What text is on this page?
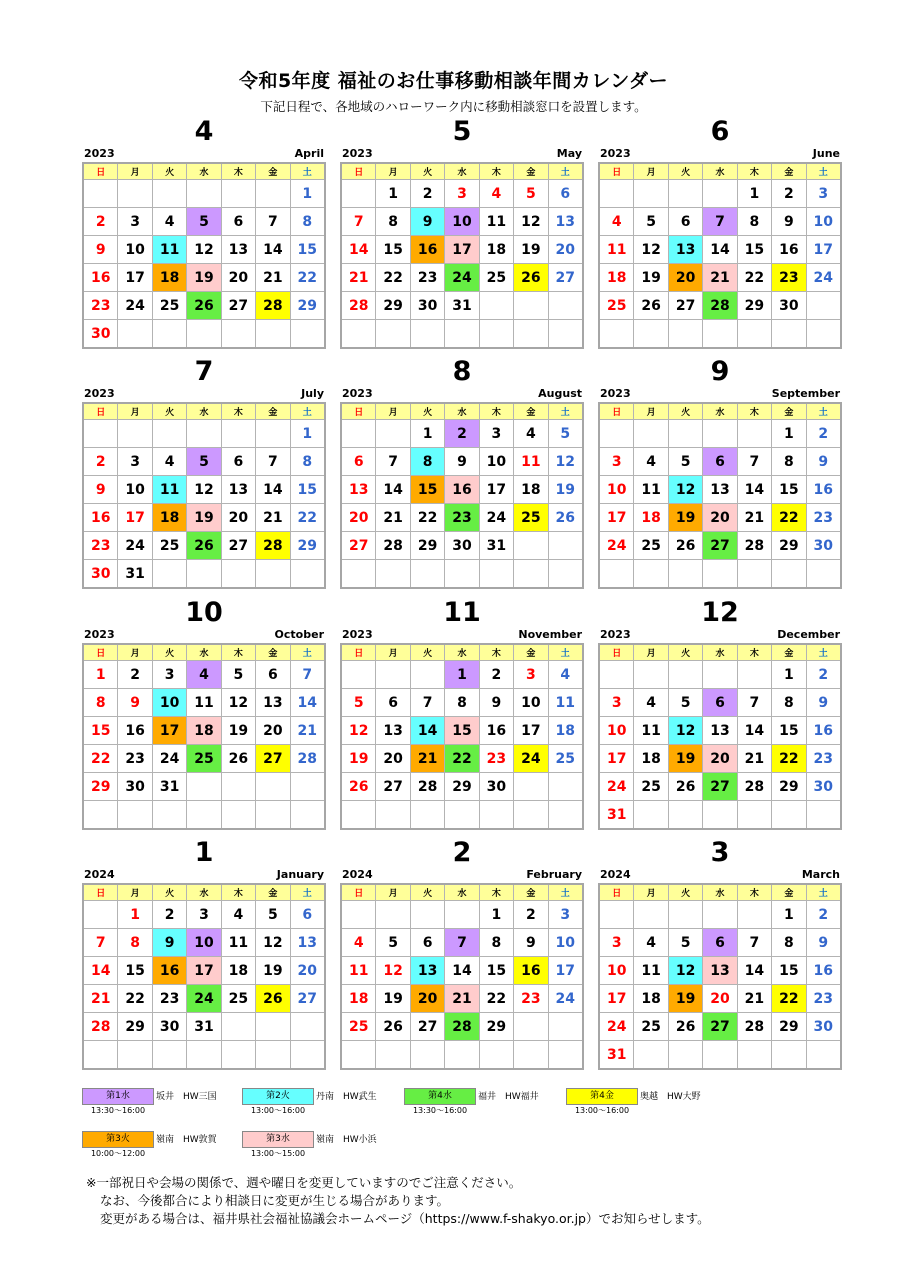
令和5年度 福祉のお仕事移動相談年間カレンダー
下記日程で、各地域のハローワーク内に移動相談窓口を設置します。
2023
4
April
日	月	火	水	木	金	土
						1
2	3	4	5	6	7	8
9	10	11	12	13	14	15
16	17	18	19	20	21	22
23	24	25	26	27	28	29
30						
2023
5
May
日	月	火	水	木	金	土
	1	2	3	4	5	6
7	8	9	10	11	12	13
14	15	16	17	18	19	20
21	22	23	24	25	26	27
28	29	30	31			

2023
6
June
日	月	火	水	木	金	土
				1	2	3
4	5	6	7	8	9	10
11	12	13	14	15	16	17
18	19	20	21	22	23	24
25	26	27	28	29	30	

2023
7
July
日	月	火	水	木	金	土
						1
2	3	4	5	6	7	8
9	10	11	12	13	14	15
16	17	18	19	20	21	22
23	24	25	26	27	28	29
30	31					
2023
8
August
日	月	火	水	木	金	土
		1	2	3	4	5
6	7	8	9	10	11	12
13	14	15	16	17	18	19
20	21	22	23	24	25	26
27	28	29	30	31		

2023
9
September
日	月	火	水	木	金	土
					1	2
3	4	5	6	7	8	9
10	11	12	13	14	15	16
17	18	19	20	21	22	23
24	25	26	27	28	29	30

2023
10
October
日	月	火	水	木	金	土
1	2	3	4	5	6	7
8	9	10	11	12	13	14
15	16	17	18	19	20	21
22	23	24	25	26	27	28
29	30	31				

2023
11
November
日	月	火	水	木	金	土
			1	2	3	4
5	6	7	8	9	10	11
12	13	14	15	16	17	18
19	20	21	22	23	24	25
26	27	28	29	30		

2023
12
December
日	月	火	水	木	金	土
					1	2
3	4	5	6	7	8	9
10	11	12	13	14	15	16
17	18	19	20	21	22	23
24	25	26	27	28	29	30
31						
2024
1
January
日	月	火	水	木	金	土
	1	2	3	4	5	6
7	8	9	10	11	12	13
14	15	16	17	18	19	20
21	22	23	24	25	26	27
28	29	30	31			

2024
2
February
日	月	火	水	木	金	土
				1	2	3
4	5	6	7	8	9	10
11	12	13	14	15	16	17
18	19	20	21	22	23	24
25	26	27	28	29		

2024
3
March
日	月	火	水	木	金	土
					1	2
3	4	5	6	7	8	9
10	11	12	13	14	15	16
17	18	19	20	21	22	23
24	25	26	27	28	29	30
31						
第1水	坂井　HW三国
13:30～16:00
第2火	丹南　HW武生
13:00～16:00
第4水	福井　HW福井
13:30～16:00
第4金	奥越　HW大野
13:00～16:00
第3火	嶺南　HW敦賀
10:00～12:00
第3水	嶺南　HW小浜
13:00～15:00
※一部祝日や会場の関係で、週や曜日を変更していますのでご注意ください。
なお、今後都合により相談日に変更が生じる場合があります。
変更がある場合は、福井県社会福祉協議会ホームページ（https://www.f-shakyo.or.jp）でお知らせします。
